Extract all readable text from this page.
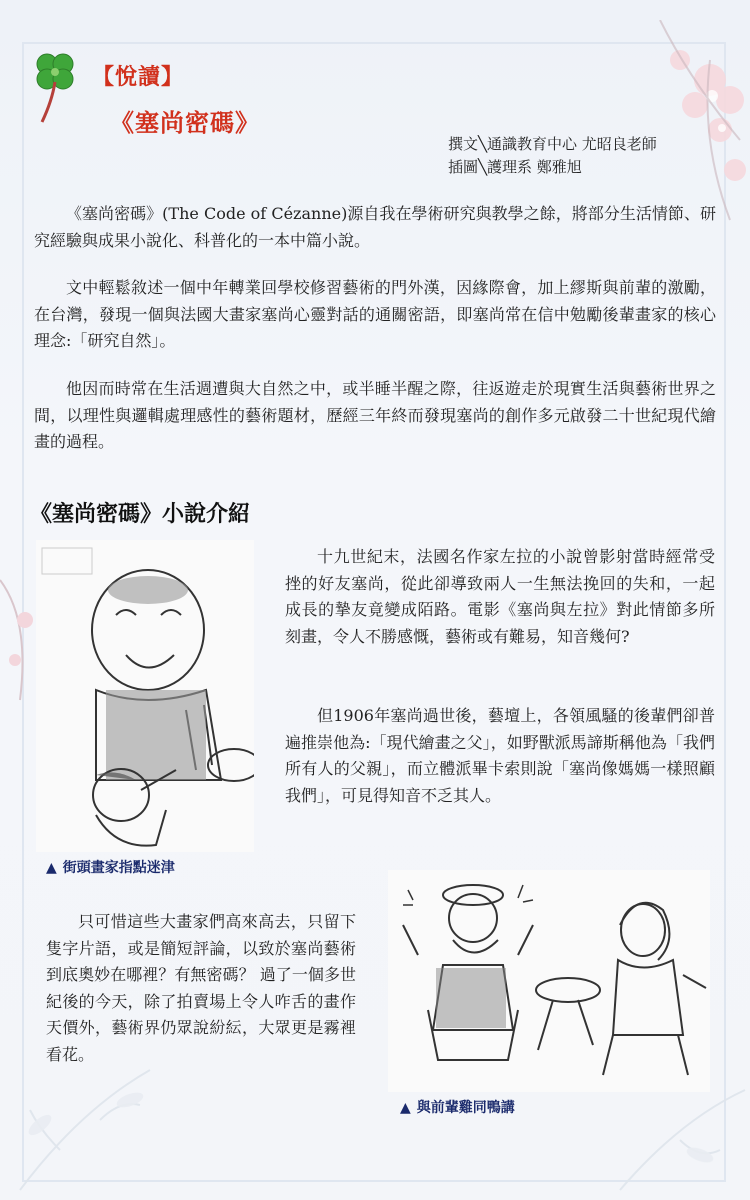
【悅讀】
《塞尚密碼》
撰文╲通識教育中心 尤昭良老師
插圖╲護理系 鄭雅旭

《塞尚密碼》(The Code of Cézanne)源自我在學術研究與教學之餘，將部分生活情節、研究經驗與成果小說化、科普化的一本中篇小說。

文中輕鬆敘述一個中年轉業回學校修習藝術的門外漢，因緣際會，加上繆斯與前輩的激勵，在台灣，發現一個與法國大畫家塞尚心靈對話的通關密語，即塞尚常在信中勉勵後輩畫家的核心理念:「研究自然」。

他因而時常在生活週遭與大自然之中，或半睡半醒之際，往返遊走於現實生活與藝術世界之間，以理性與邏輯處理感性的藝術題材，歷經三年終而發現塞尚的創作多元啟發二十世紀現代繪畫的過程。

《塞尚密碼》小說介紹
▲ 街頭畫家指點迷津

十九世紀末，法國名作家左拉的小說曾影射當時經常受挫的好友塞尚，從此卻導致兩人一生無法挽回的失和，一起成長的摯友竟變成陌路。電影《塞尚與左拉》對此情節多所刻畫，令人不勝感慨，藝術或有難易，知音幾何?

但1906年塞尚過世後，藝壇上，各領風騷的後輩們卻普遍推崇他為:「現代繪畫之父」，如野獸派馬諦斯稱他為「我們所有人的父親」，而立體派畢卡索則說「塞尚像媽媽一樣照顧我們」，可見得知音不乏其人。

只可惜這些大畫家們高來高去，只留下隻字片語，或是簡短評論，以致於塞尚藝術到底奧妙在哪裡？有無密碼？ 過了一個多世紀後的今天，除了拍賣場上令人咋舌的畫作天價外，藝術界仍眾說紛紜，大眾更是霧裡看花。

▲ 與前輩雞同鴨講
